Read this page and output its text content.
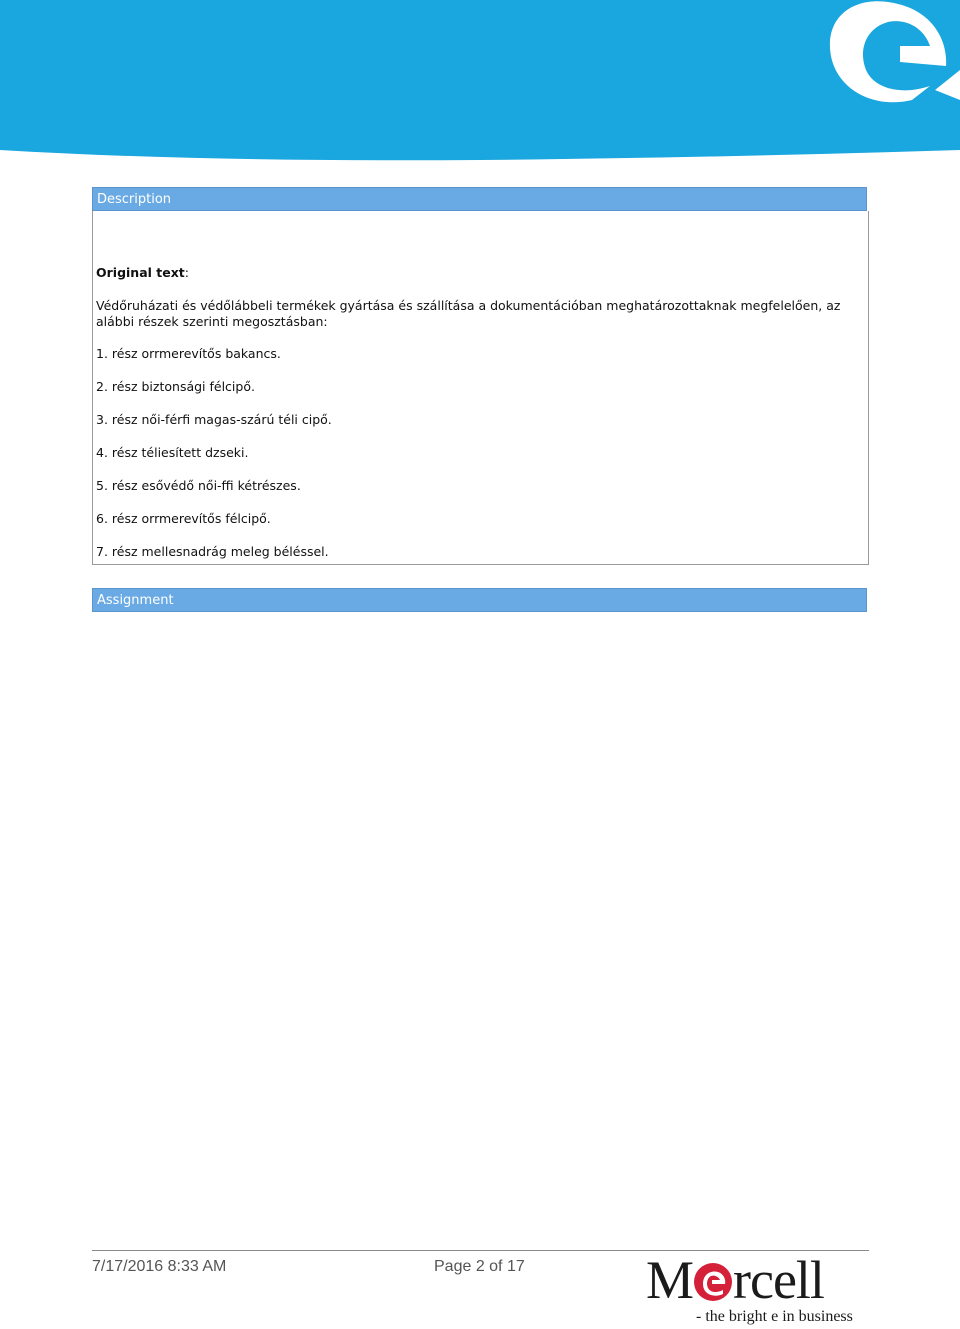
Description
Original text:
Védőruházati és védőlábbeli termékek gyártása és szállítása a dokumentációban meghatározottaknak megfelelően, az alábbi részek szerinti megosztásban:
1. rész orrmerevítős bakancs.
2. rész biztonsági félcipő.
3. rész női-férfi magas-szárú téli cipő.
4. rész téliesített dzseki.
5. rész esővédő női-ffi kétrészes.
6. rész orrmerevítős félcipő.
7. rész mellesnadrág meleg béléssel.
Assignment
7/17/2016 8:33 AM	Page 2 of 17 M rcell
- the bright e in business
